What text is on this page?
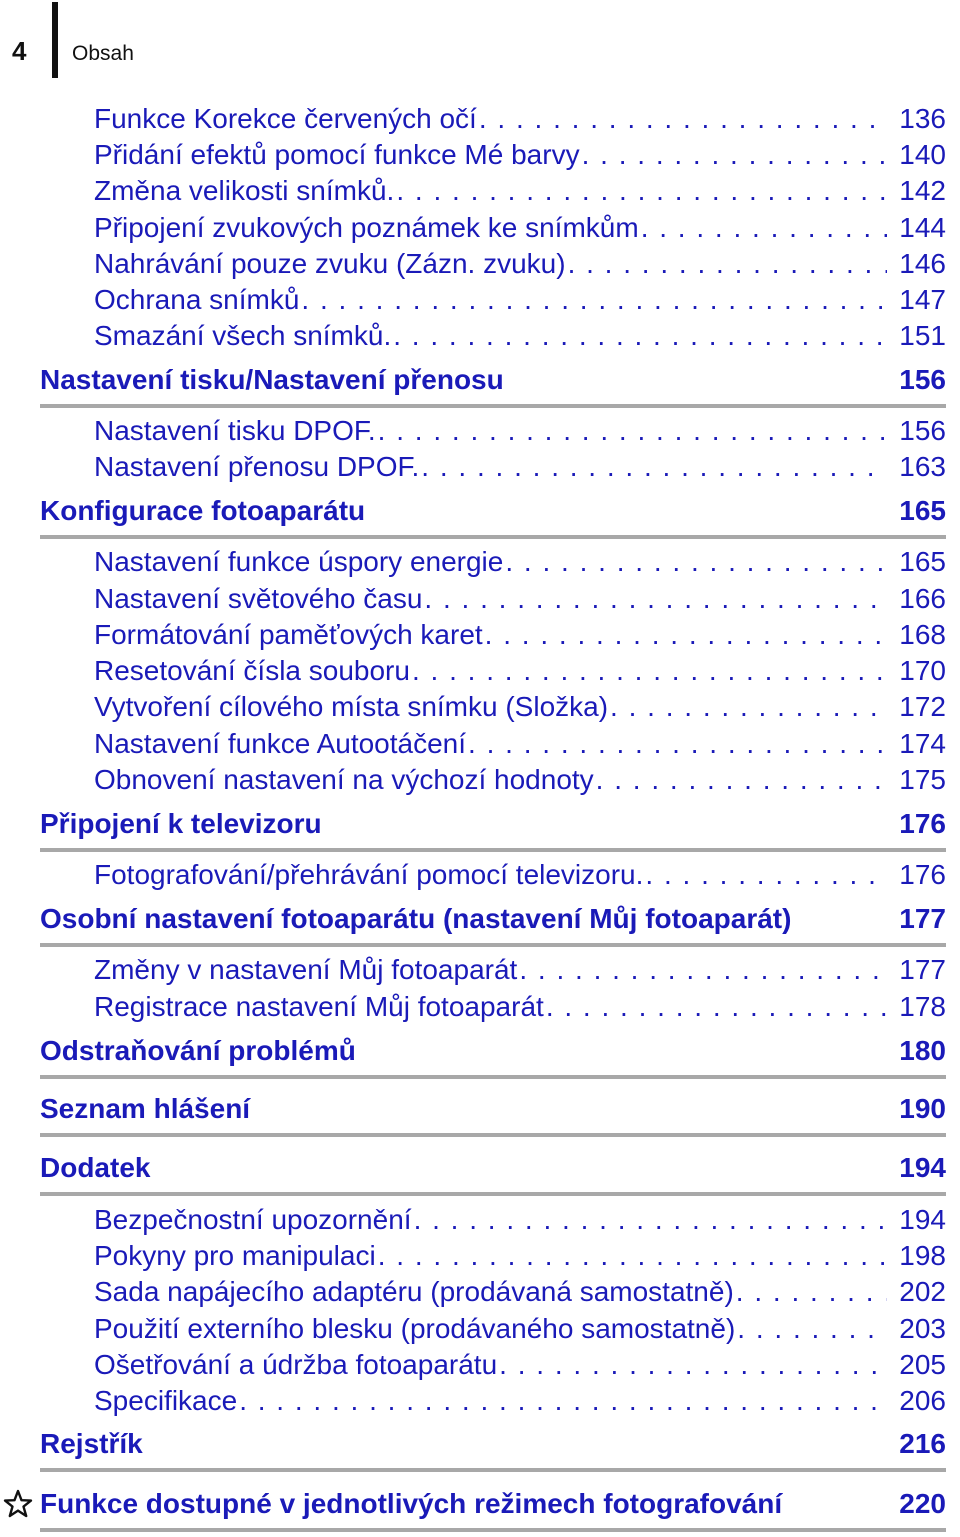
4 Obsah
Funkce Korekce červených očí . . .	136
Přidání efektů pomocí funkce Mé barvy . . .	140
Změna velikosti snímků. . . .	142
Připojení zvukových poznámek ke snímkům . . .	144
Nahrávání pouze zvuku (Zázn. zvuku) . . .	146
Ochrana snímků . . .	147
Smazání všech snímků. . . .	151
Nastavení tisku/Nastavení přenosu	156
Nastavení tisku DPOF. . . .	156
Nastavení přenosu DPOF. . . .	163
Konfigurace fotoaparátu	165
Nastavení funkce úspory energie . . .	165
Nastavení světového času . . .	166
Formátování paměťových karet . . .	168
Resetování čísla souboru . . .	170
Vytvoření cílového místa snímku (Složka) . . .	172
Nastavení funkce Autootáčení . . .	174
Obnovení nastavení na výchozí hodnoty . . .	175
Připojení k televizoru	176
Fotografování/přehrávání pomocí televizoru. . . .	176
Osobní nastavení fotoaparátu (nastavení Můj fotoaparát)	177
Změny v nastavení Můj fotoaparát . . .	177
Registrace nastavení Můj fotoaparát . . .	178
Odstraňování problémů	180
Seznam hlášení	190
Dodatek	194
Bezpečnostní upozornění . . .	194
Pokyny pro manipulaci . . .	198
Sada napájecího adaptéru (prodávaná samostatně) . . .	202
Použití externího blesku (prodávaného samostatně) . . .	203
Ošetřování a údržba fotoaparátu . . .	205
Specifikace . . .	206
Rejstřík	216
Funkce dostupné v jednotlivých režimech fotografování	220
